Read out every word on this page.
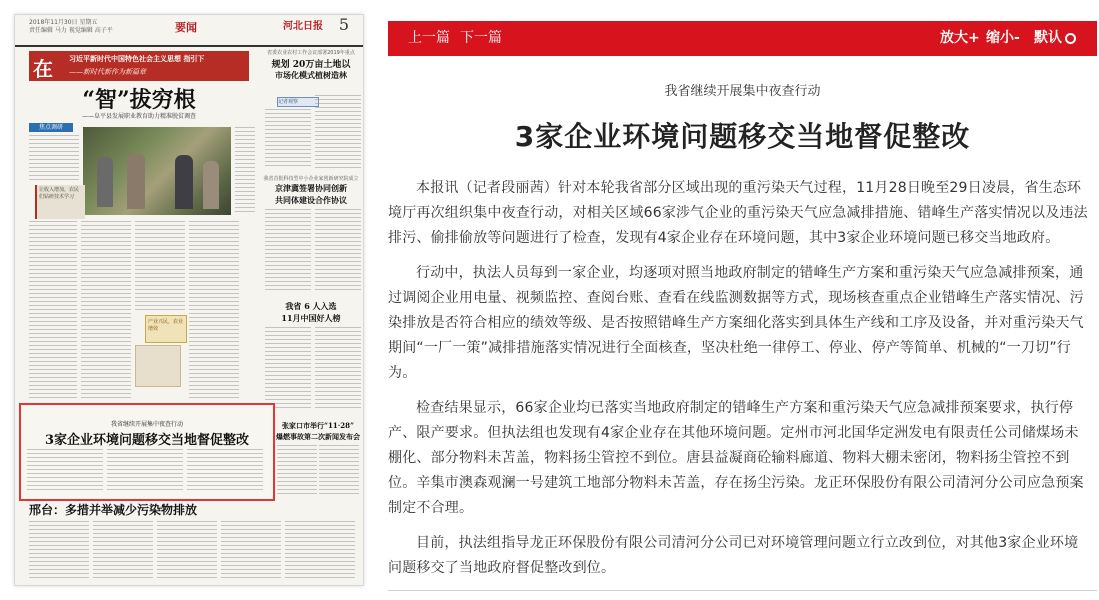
2018年11月30日 星期五
责任编辑 马力 视觉编辑 高子平	要闻	河北日报 5
在 习近平新时代中国特色社会主义思想 指引下
——新时代新作为新篇章
“智”拔穷根
——阜平县发展职业教育助力精准脱贫调查
焦点调研
让收入增加，农民们钻研技术学习
产业兴民，农业增效
省委农业农村工作会议部署2019年重点
规划 20万亩土地以
市场化模式植树造林
记者观察
我省首批科技型中小企业家创新研究院成立
京津冀签署协同创新
共同体建设合作协议
我省 6 人入选
11月中国好人榜
张家口市举行“11·28”
爆燃事故第二次新闻发布会
我省继续开展集中夜查行动
3家企业环境问题移交当地督促整改
邢台：多措并举减少污染物排放
上一篇 下一篇	放大+ 缩小- 默认
我省继续开展集中夜查行动
3家企业环境问题移交当地督促整改

本报讯（记者段丽茜）针对本轮我省部分区域出现的重污染天气过程，11月28日晚至29日凌晨，省生态环境厅再次组织集中夜查行动，对相关区域66家涉气企业的重污染天气应急减排措施、错峰生产落实情况以及违法排污、偷排偷放等问题进行了检查，发现有4家企业存在环境问题，其中3家企业环境问题已移交当地政府。

行动中，执法人员每到一家企业，均逐项对照当地政府制定的错峰生产方案和重污染天气应急减排预案，通过调阅企业用电量、视频监控、查阅台账、查看在线监测数据等方式，现场核查重点企业错峰生产落实情况、污染排放是否符合相应的绩效等级、是否按照错峰生产方案细化落实到具体生产线和工序及设备，并对重污染天气期间“一厂一策”减排措施落实情况进行全面核查，坚决杜绝一律停工、停业、停产等简单、机械的“一刀切”行为。

检查结果显示，66家企业均已落实当地政府制定的错峰生产方案和重污染天气应急减排预案要求，执行停产、限产要求。但执法组也发现有4家企业存在其他环境问题。定州市河北国华定洲发电有限责任公司储煤场未棚化、部分物料未苫盖，物料扬尘管控不到位。唐县益凝商砼输料廊道、物料大棚未密闭，物料扬尘管控不到位。辛集市澳森观澜一号建筑工地部分物料未苫盖，存在扬尘污染。龙正环保股份有限公司清河分公司应急预案制定不合理。

目前，执法组指导龙正环保股份有限公司清河分公司已对环境管理问题立行立改到位，对其他3家企业环境问题移交了当地政府督促整改到位。
